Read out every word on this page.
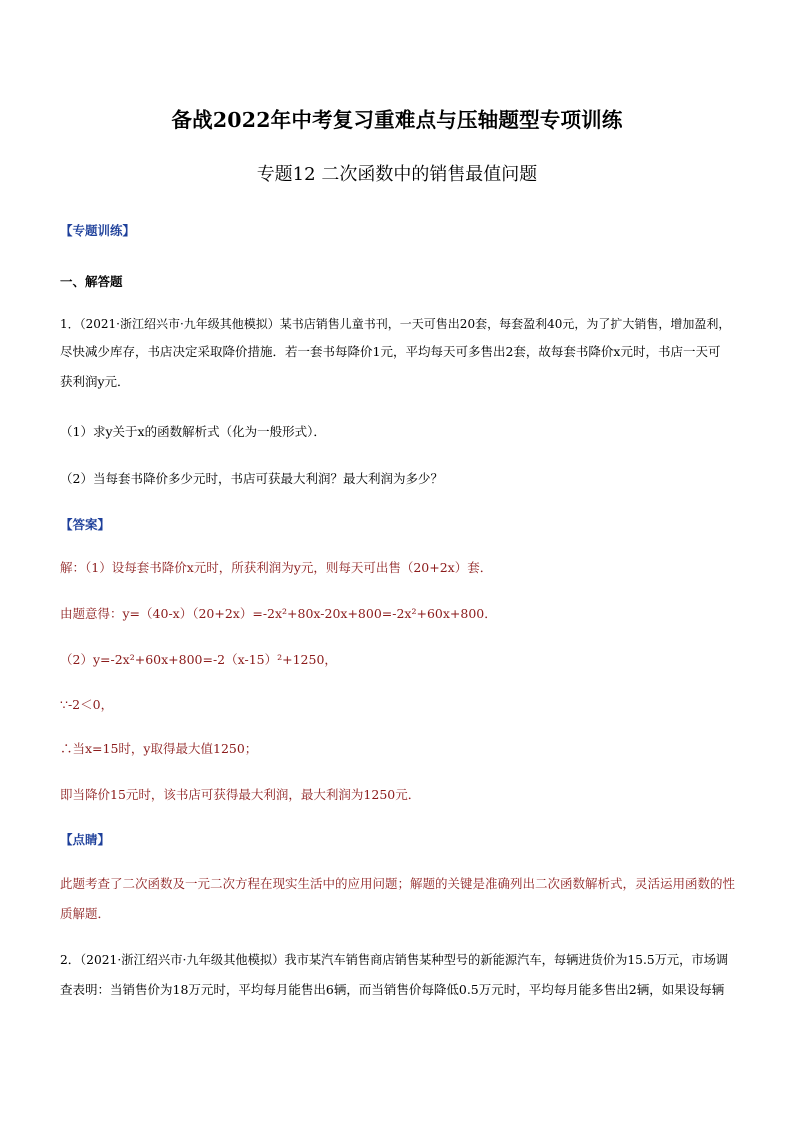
备战2022年中考复习重难点与压轴题型专项训练
专题12 二次函数中的销售最值问题
【专题训练】
一、解答题
1．（2021·浙江绍兴市·九年级其他模拟）某书店销售儿童书刊，一天可售出20套，每套盈利40元，为了扩大销售，增加盈利，
尽快减少库存，书店决定采取降价措施．若一套书每降价1元，平均每天可多售出2套，故每套书降价x元时，书店一天可
获利润y元．
（1）求y关于x的函数解析式（化为一般形式）．
（2）当每套书降价多少元时，书店可获最大利润？最大利润为多少？
【答案】
解：（1）设每套书降价x元时，所获利润为y元，则每天可出售（20+2x）套．
由题意得：y=（40-x）（20+2x）=-2x²+80x-20x+800=-2x²+60x+800．
（2）y=-2x²+60x+800=-2（x-15）²+1250，
∵-2＜0，
∴当x=15时，y取得最大值1250；
即当降价15元时，该书店可获得最大利润，最大利润为1250元．
【点睛】
此题考查了二次函数及一元二次方程在现实生活中的应用问题；解题的关键是准确列出二次函数解析式，灵活运用函数的性
质解题．
2．（2021·浙江绍兴市·九年级其他模拟）我市某汽车销售商店销售某种型号的新能源汽车，每辆进货价为15.5万元，市场调
查表明：当销售价为18万元时，平均每月能售出6辆，而当销售价每降低0.5万元时，平均每月能多售出2辆，如果设每辆
